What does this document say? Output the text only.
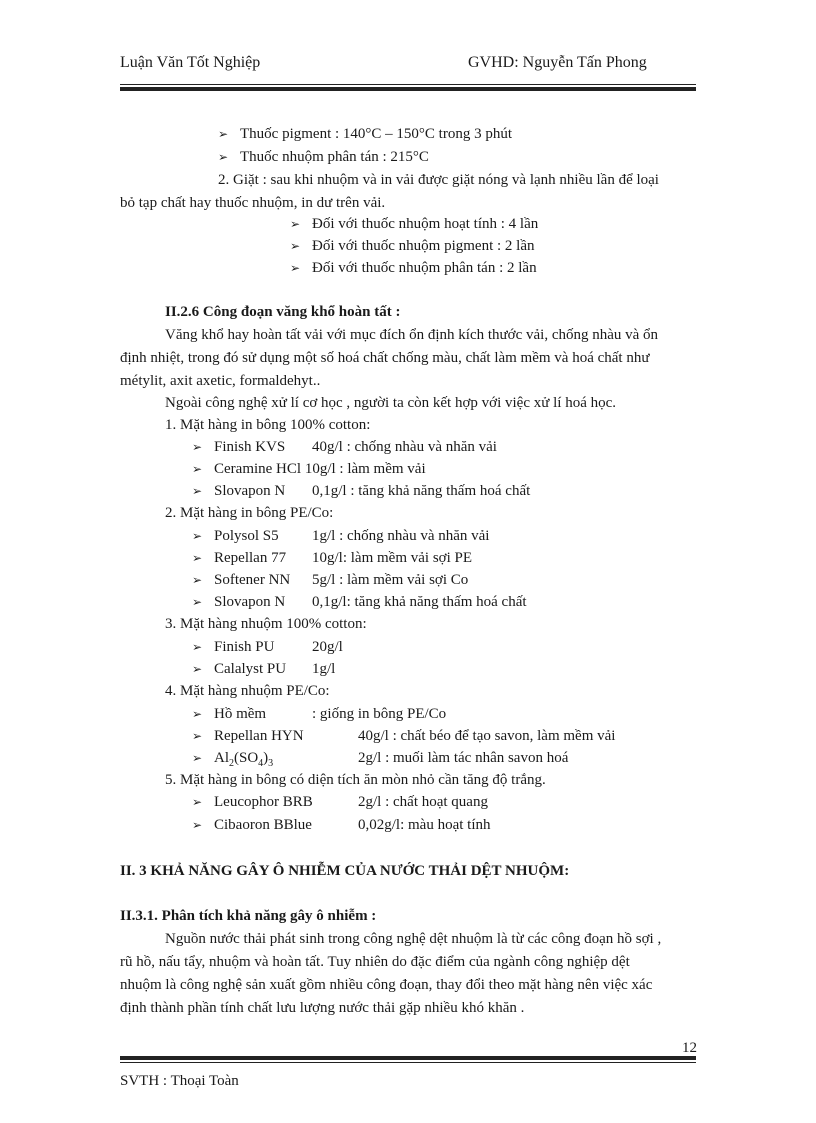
Luận Văn Tốt Nghiệp	GVHD: Nguyễn Tấn Phong
➢ Thuốc pigment : 140°C – 150°C trong 3 phút
➢ Thuốc nhuộm phân tán : 215°C
2. Giặt : sau khi nhuộm và in vải được giặt nóng và lạnh nhiều lần để loại
bỏ tạp chất hay thuốc nhuộm, in dư trên vải.
➢ Đối với thuốc nhuộm hoạt tính : 4 lần
➢ Đối với thuốc nhuộm pigment : 2 lần
➢ Đối với thuốc nhuộm phân tán : 2 lần
II.2.6 Công đoạn văng khổ hoàn tất :
Văng khổ hay hoàn tất vải với mục đích ổn định kích thước vải, chống nhàu và ổn
định nhiệt, trong đó sử dụng một số hoá chất chống màu, chất làm mềm và hoá chất như
métylit, axit axetic, formaldehyt..
Ngoài công nghệ xử lí cơ học , người ta còn kết hợp với việc xử lí hoá học.
1. Mặt hàng in bông 100% cotton:
➢ Finish KVS 40g/l : chống nhàu và nhăn vải
➢ Ceramine HCl 10g/l : làm mềm vải
➢ Slovapon N 0,1g/l : tăng khả năng thấm hoá chất
2. Mặt hàng in bông PE/Co:
➢ Polysol S5 1g/l : chống nhàu và nhăn vải
➢ Repellan 77 10g/l: làm mềm vải sợi PE
➢ Softener NN 5g/l : làm mềm vải sợi Co
➢ Slovapon N 0,1g/l: tăng khả năng thấm hoá chất
3. Mặt hàng nhuộm 100% cotton:
➢ Finish PU	20g/l
➢ Calalyst PU 1g/l
4. Mặt hàng nhuộm PE/Co:
➢ Hồ mềm	: giống in bông PE/Co
➢ Repellan HYN	40g/l : chất béo để tạo savon, làm mềm vải
➢ $Al_2(SO_4)_3$	2g/l : muối làm tác nhân savon hoá
5. Mặt hàng in bông có diện tích ăn mòn nhỏ cần tăng độ trắng.
➢ Leucophor BRB	2g/l : chất hoạt quang
➢ Cibaoron BBlue	0,02g/l: màu hoạt tính
II. 3 KHẢ NĂNG GÂY Ô NHIỄM CỦA NƯỚC THẢI DỆT NHUỘM:
II.3.1. Phân tích khả năng gây ô nhiễm :
Nguồn nước thải phát sinh trong công nghệ dệt nhuộm là từ các công đoạn hồ sợi ,
rũ hồ, nấu tẩy, nhuộm và hoàn tất. Tuy nhiên do đặc điểm của ngành công nghiệp dệt
nhuộm là công nghệ sản xuất gồm nhiều công đoạn, thay đổi theo mặt hàng nên việc xác
định thành phần tính chất lưu lượng nước thải gặp nhiều khó khăn .
12
SVTH : Thoại Toàn
